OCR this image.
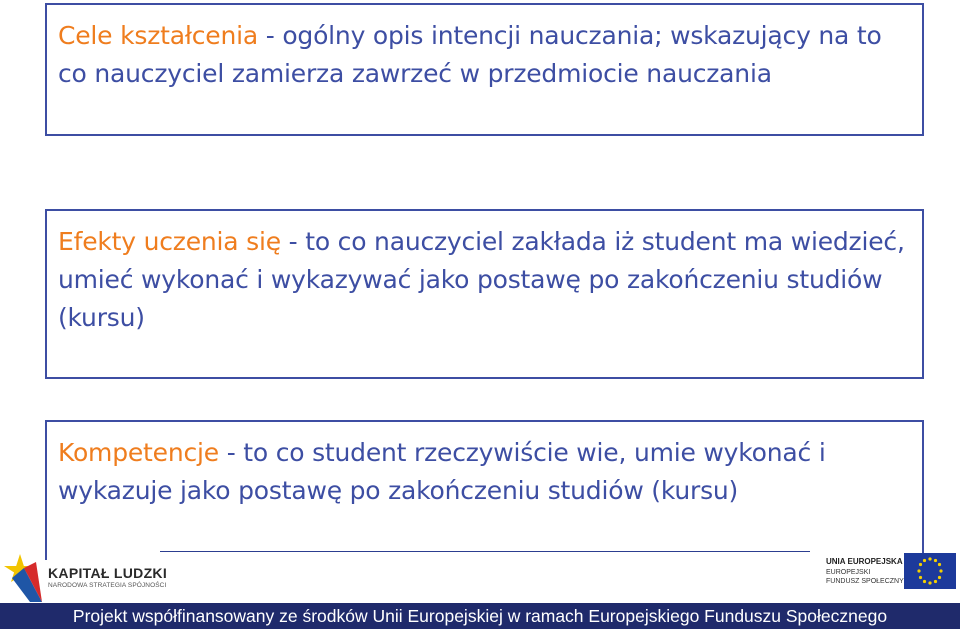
Cele kształcenia - ogólny opis intencji nauczania; wskazujący na to co nauczyciel zamierza zawrzeć w przedmiocie nauczania

Efekty uczenia się - to co nauczyciel zakłada iż student ma wiedzieć, umieć wykonać i wykazywać jako postawę po zakończeniu studiów (kursu)

Kompetencje - to co student rzeczywiście wie, umie wykonać i wykazuje jako postawę po zakończeniu studiów (kursu)

KAPITAŁ LUDZKI
NARODOWA STRATEGIA SPÓJNOŚCI
UNIA EUROPEJSKA
EUROPEJSKI
FUNDUSZ SPOŁECZNY
Projekt współfinansowany ze środków Unii Europejskiej w ramach Europejskiego Funduszu Społecznego
